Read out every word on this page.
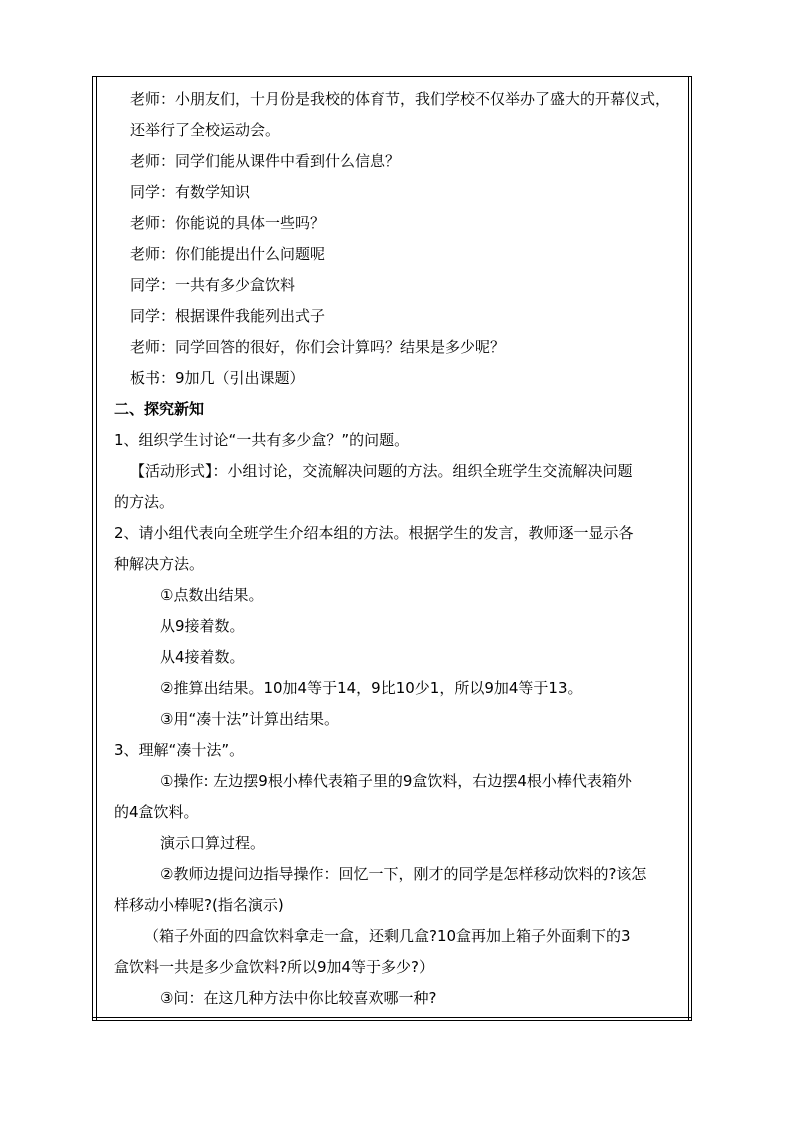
老师：小朋友们，十月份是我校的体育节，我们学校不仅举办了盛大的开幕仪式，
还举行了全校运动会。
老师：同学们能从课件中看到什么信息？
同学：有数学知识
老师：你能说的具体一些吗？
老师：你们能提出什么问题呢
同学：一共有多少盒饮料
同学：根据课件我能列出式子
老师：同学回答的很好，你们会计算吗？结果是多少呢？
板书：9加几（引出课题）
二、探究新知
1、组织学生讨论“一共有多少盒？”的问题。
【活动形式】：小组讨论，交流解决问题的方法。组织全班学生交流解决问题
的方法。
2、请小组代表向全班学生介绍本组的方法。根据学生的发言，教师逐一显示各
种解决方法。
①点数出结果。
从9接着数。
从4接着数。
②推算出结果。10加4等于14，9比10少1，所以9加4等于13。
③用“凑十法”计算出结果。
3、理解“凑十法”。
①操作: 左边摆9根小棒代表箱子里的9盒饮料，右边摆4根小棒代表箱外
的4盒饮料。
演示口算过程。
②教师边提问边指导操作：回忆一下，刚才的同学是怎样移动饮料的?该怎
样移动小棒呢?(指名演示)
（箱子外面的四盒饮料拿走一盒，还剩几盒?10盒再加上箱子外面剩下的3
盒饮料一共是多少盒饮料?所以9加4等于多少?）
③问：在这几种方法中你比较喜欢哪一种?
